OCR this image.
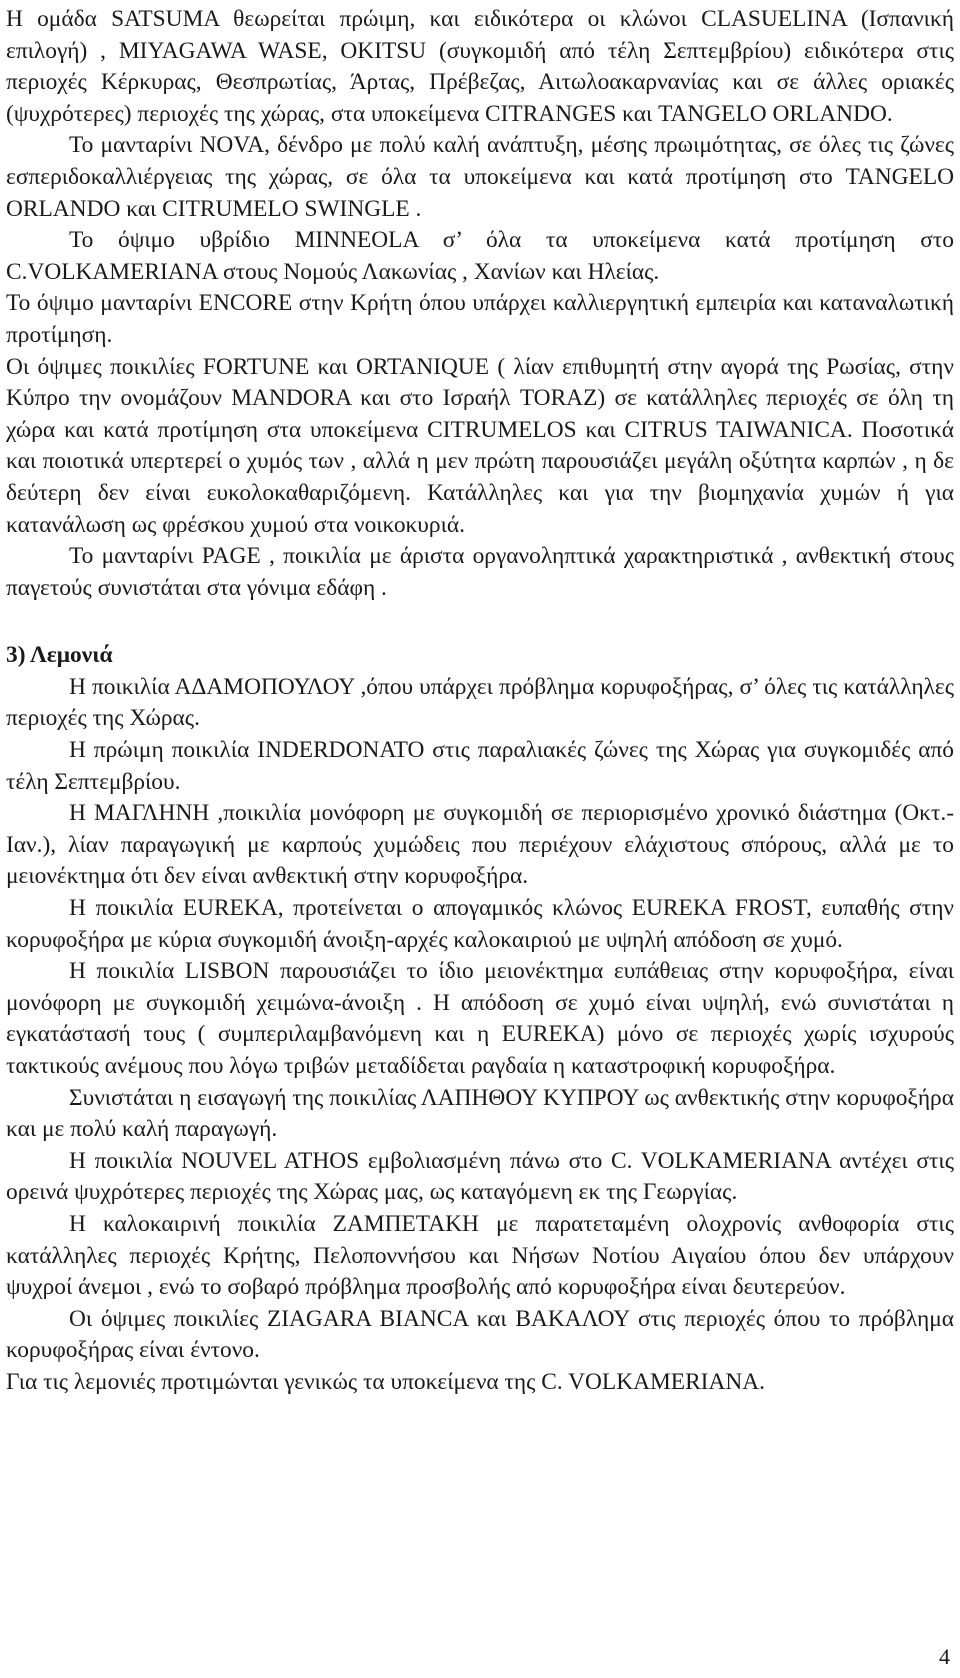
Η ομάδα SATSUMA θεωρείται πρώιμη, και ειδικότερα οι κλώνοι CLASUELINA (Ισπανική επιλογή) , MIYAGAWA WASE, OKITSU (συγκομιδή από τέλη Σεπτεμβρίου) ειδικότερα στις περιοχές Κέρκυρας, Θεσπρωτίας, Άρτας, Πρέβεζας, Αιτωλοακαρνανίας και σε άλλες οριακές (ψυχρότερες) περιοχές της χώρας, στα υποκείμενα CITRANGES και TANGELO ORLANDO.

Το μανταρίνι NOVA, δένδρο με πολύ καλή ανάπτυξη, μέσης πρωιμότητας, σε όλες τις ζώνες εσπεριδοκαλλιέργειας της χώρας, σε όλα τα υποκείμενα και κατά προτίμηση στο TANGELO ORLANDO και CITRUMELO SWINGLE .

Το όψιμο υβρίδιο MINNEOLA σ’ όλα τα υποκείμενα κατά προτίμηση στο C.VOLKAMERIANA στους Νομούς Λακωνίας , Χανίων και Ηλείας.

Το όψιμο μανταρίνι ENCORE στην Κρήτη όπου υπάρχει καλλιεργητική εμπειρία και καταναλωτική προτίμηση.

Οι όψιμες ποικιλίες FORTUNE και ORTANIQUE ( λίαν επιθυμητή στην αγορά της Ρωσίας, στην Κύπρο την ονομάζουν MANDORA και στο Ισραήλ TORAZ) σε κατάλληλες περιοχές σε όλη τη χώρα και κατά προτίμηση στα υποκείμενα CITRUMELOS και CITRUS TAIWANICA. Ποσοτικά και ποιοτικά υπερτερεί ο χυμός των , αλλά η μεν πρώτη παρουσιάζει μεγάλη οξύτητα καρπών , η δε δεύτερη δεν είναι ευκολοκαθαριζόμενη. Κατάλληλες και για την βιομηχανία χυμών ή για κατανάλωση ως φρέσκου χυμού στα νοικοκυριά.

Το μανταρίνι PAGE , ποικιλία με άριστα οργανοληπτικά χαρακτηριστικά , ανθεκτική στους παγετούς συνιστάται στα γόνιμα εδάφη .

3) Λεμονιά

Η ποικιλία ΑΔΑΜΟΠΟΥΛΟΥ ,όπου υπάρχει πρόβλημα κορυφοξήρας, σ’ όλες τις κατάλληλες περιοχές της Χώρας.

Η πρώιμη ποικιλία INDERDONATO στις παραλιακές ζώνες της Χώρας για συγκομιδές από τέλη Σεπτεμβρίου.

Η ΜΑΓΛΗΝΗ ,ποικιλία μονόφορη με συγκομιδή σε περιορισμένο χρονικό διάστημα (Οκτ.-Ιαν.), λίαν παραγωγική με καρπούς χυμώδεις που περιέχουν ελάχιστους σπόρους, αλλά με το μειονέκτημα ότι δεν είναι ανθεκτική στην κορυφοξήρα.

Η ποικιλία EUREKA, προτείνεται ο απογαμικός κλώνος EUREKA FROST, ευπαθής στην κορυφοξήρα με κύρια συγκομιδή άνοιξη-αρχές καλοκαιριού με υψηλή απόδοση σε χυμό.

Η ποικιλία LISBON παρουσιάζει το ίδιο μειονέκτημα ευπάθειας στην κορυφοξήρα, είναι μονόφορη με συγκομιδή χειμώνα-άνοιξη . Η απόδοση σε χυμό είναι υψηλή, ενώ συνιστάται η εγκατάστασή τους ( συμπεριλαμβανόμενη και η EUREKA) μόνο σε περιοχές χωρίς ισχυρούς τακτικούς ανέμους που λόγω τριβών μεταδίδεται ραγδαία η καταστροφική κορυφοξήρα.

Συνιστάται η εισαγωγή της ποικιλίας ΛΑΠΗΘΟΥ ΚΥΠΡΟΥ ως ανθεκτικής στην κορυφοξήρα και με πολύ καλή παραγωγή.

Η ποικιλία NOUVEL ATHOS εμβολιασμένη πάνω στο C. VOLKAMERIANA αντέχει στις ορεινά ψυχρότερες περιοχές της Χώρας μας, ως καταγόμενη εκ της Γεωργίας.

Η καλοκαιρινή ποικιλία ΖΑΜΠΕΤΑΚΗ με παρατεταμένη ολοχρονίς ανθοφορία στις κατάλληλες περιοχές Κρήτης, Πελοποννήσου και Νήσων Νοτίου Αιγαίου όπου δεν υπάρχουν ψυχροί άνεμοι , ενώ το σοβαρό πρόβλημα προσβολής από κορυφοξήρα είναι δευτερεύον.

Οι όψιμες ποικιλίες ZIAGARA BIANCA και ΒΑΚΑΛΟΥ στις περιοχές όπου το πρόβλημα κορυφοξήρας είναι έντονο.

Για τις λεμονιές προτιμώνται γενικώς τα υποκείμενα της C. VOLKAMERIANA.

4
